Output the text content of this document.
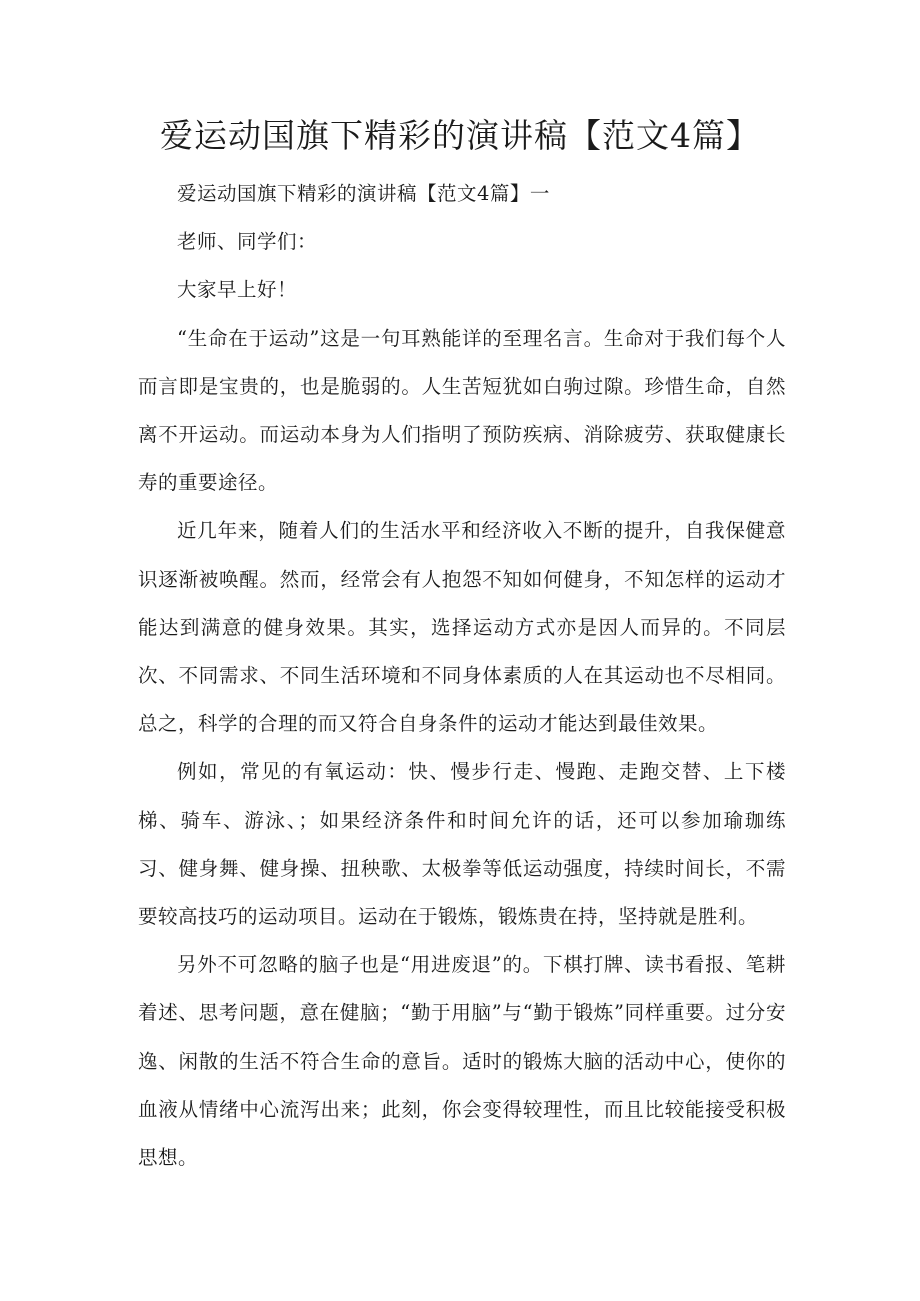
爱运动国旗下精彩的演讲稿【范文4篇】

爱运动国旗下精彩的演讲稿【范文4篇】一

老师、同学们：

大家早上好！

“生命在于运动”这是一句耳熟能详的至理名言。生命对于我们每个人而言即是宝贵的，也是脆弱的。人生苦短犹如白驹过隙。珍惜生命，自然离不开运动。而运动本身为人们指明了预防疾病、消除疲劳、获取健康长寿的重要途径。

近几年来，随着人们的生活水平和经济收入不断的提升，自我保健意识逐渐被唤醒。然而，经常会有人抱怨不知如何健身，不知怎样的运动才能达到满意的健身效果。其实，选择运动方式亦是因人而异的。不同层次、不同需求、不同生活环境和不同身体素质的人在其运动也不尽相同。总之，科学的合理的而又符合自身条件的运动才能达到最佳效果。

例如，常见的有氧运动：快、慢步行走、慢跑、走跑交替、上下楼梯、骑车、游泳、；如果经济条件和时间允许的话，还可以参加瑜珈练习、健身舞、健身操、扭秧歌、太极拳等低运动强度，持续时间长，不需要较高技巧的运动项目。运动在于锻炼，锻炼贵在持，坚持就是胜利。

另外不可忽略的脑子也是“用进废退”的。下棋打牌、读书看报、笔耕着述、思考问题，意在健脑；“勤于用脑”与“勤于锻炼”同样重要。过分安逸、闲散的生活不符合生命的意旨。适时的锻炼大脑的活动中心，使你的血液从情绪中心流泻出来；此刻，你会变得较理性，而且比较能接受积极思想。
